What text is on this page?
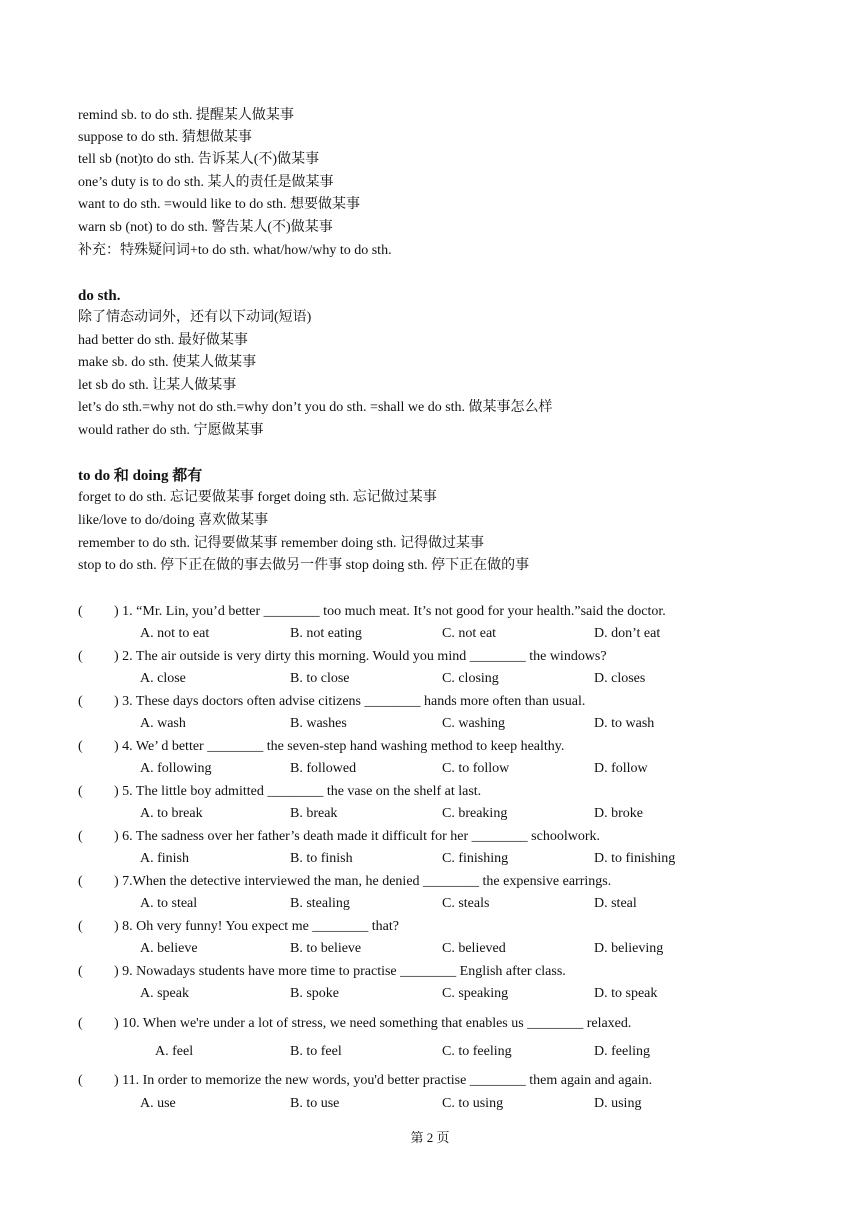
remind sb. to do sth. 提醒某人做某事
suppose to do sth. 猜想做某事
tell sb (not)to do sth. 告诉某人(不)做某事
one’s duty is to do sth. 某人的责任是做某事
want to do sth. =would like to do sth. 想要做某事
warn sb (not) to do sth. 警告某人(不)做某事
补充：特殊疑问词+to do sth. what/how/why to do sth.
do sth.
除了情态动词外，还有以下动词(短语)
had better do sth. 最好做某事
make sb. do sth. 使某人做某事
let sb do sth. 让某人做某事
let’s do sth.=why not do sth.=why don’t you do sth. =shall we do sth. 做某事怎么样
would rather do sth. 宁愿做某事
to do 和 doing 都有
forget to do sth. 忘记要做某事 forget doing sth. 忘记做过某事
like/love to do/doing 喜欢做某事
remember to do sth. 记得要做某事 remember doing sth. 记得做过某事
stop to do sth. 停下正在做的事去做另一件事 stop doing sth. 停下正在做的事
( ) 1. “Mr. Lin, you’d better ________ too much meat. It’s not good for your health.”said the doctor.
A. not to eat	B. not eating	C. not eat	D. don’t eat
( ) 2. The air outside is very dirty this morning. Would you mind ________ the windows?
A. close	B. to close	C. closing	D. closes
( ) 3. These days doctors often advise citizens ________ hands more often than usual.
A. wash	B. washes	C. washing	D. to wash
( ) 4. We’ d better ________ the seven-step hand washing method to keep healthy.
A. following	B. followed	C. to follow	D. follow
( ) 5. The little boy admitted ________ the vase on the shelf at last.
A. to break	B. break	C. breaking	D. broke
( ) 6. The sadness over her father’s death made it difficult for her ________ schoolwork.
A. finish	B. to finish	C. finishing	D. to finishing
( ) 7.When the detective interviewed the man, he denied ________ the expensive earrings.
A. to steal	B. stealing	C. steals	D. steal
( ) 8. Oh very funny! You expect me ________ that?
A. believe	B. to believe	C. believed	D. believing
( ) 9. Nowadays students have more time to practise ________ English after class.
A. speak	B. spoke	C. speaking	D. to speak
( ) 10. When we're under a lot of stress, we need something that enables us ________ relaxed.
A. feel	B. to feel	C. to feeling	D. feeling
( ) 11. In order to memorize the new words, you'd better practise ________ them again and again.
A. use	B. to use	C. to using	D. using
第 2 页
